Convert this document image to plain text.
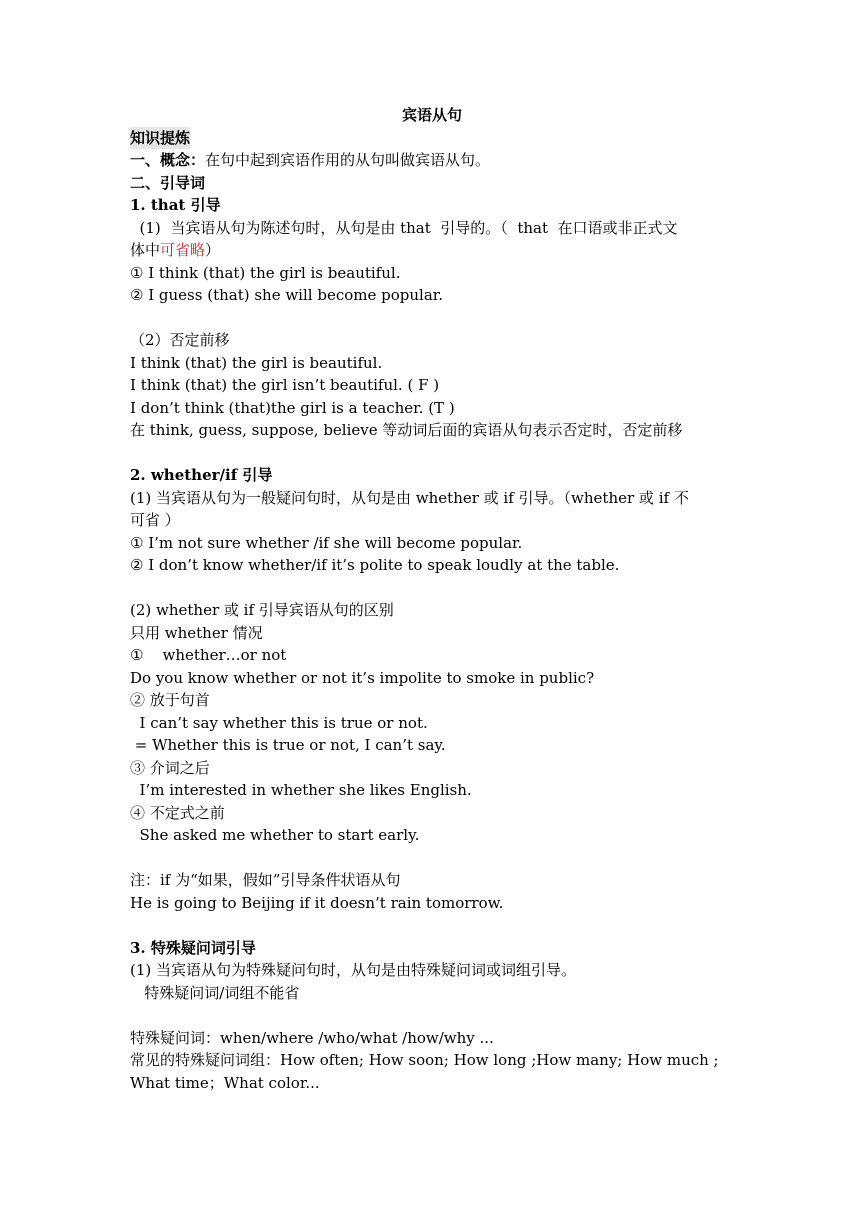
宾语从句
知识提炼
一、概念：在句中起到宾语作用的从句叫做宾语从句。
二、引导词
1. that 引导
(1)  当宾语从句为陈述句时，从句是由 that  引导的。（  that  在口语或非正式文
体中可省略）
① I think (that) the girl is beautiful.
② I guess (that) she will become popular.
（2）否定前移
I think (that) the girl is beautiful.
I think (that) the girl isn’t beautiful. ( F )
I don’t think (that)the girl is a teacher. (T )
在 think, guess, suppose, believe 等动词后面的宾语从句表示否定时，否定前移
2. whether/if 引导
(1) 当宾语从句为一般疑问句时，从句是由 whether 或 if 引导。（whether 或 if 不
可省 ）
① I’m not sure whether /if she will become popular.
② I don’t know whether/if it’s polite to speak loudly at the table.
(2) whether 或 if 引导宾语从句的区别
只用 whether 情况
①    whether…or not
Do you know whether or not it’s impolite to smoke in public?
② 放于句首
I can’t say whether this is true or not.
= Whether this is true or not, I can’t say.
③ 介词之后
I’m interested in whether she likes English.
④ 不定式之前
She asked me whether to start early.
注：if 为“如果，假如”引导条件状语从句
He is going to Beijing if it doesn’t rain tomorrow.
3. 特殊疑问词引导
(1) 当宾语从句为特殊疑问句时，从句是由特殊疑问词或词组引导。
特殊疑问词/词组不能省
特殊疑问词：when/where /who/what /how/why ...
常见的特殊疑问词组：How often; How soon; How long ;How many; How much ;
What time；What color...
